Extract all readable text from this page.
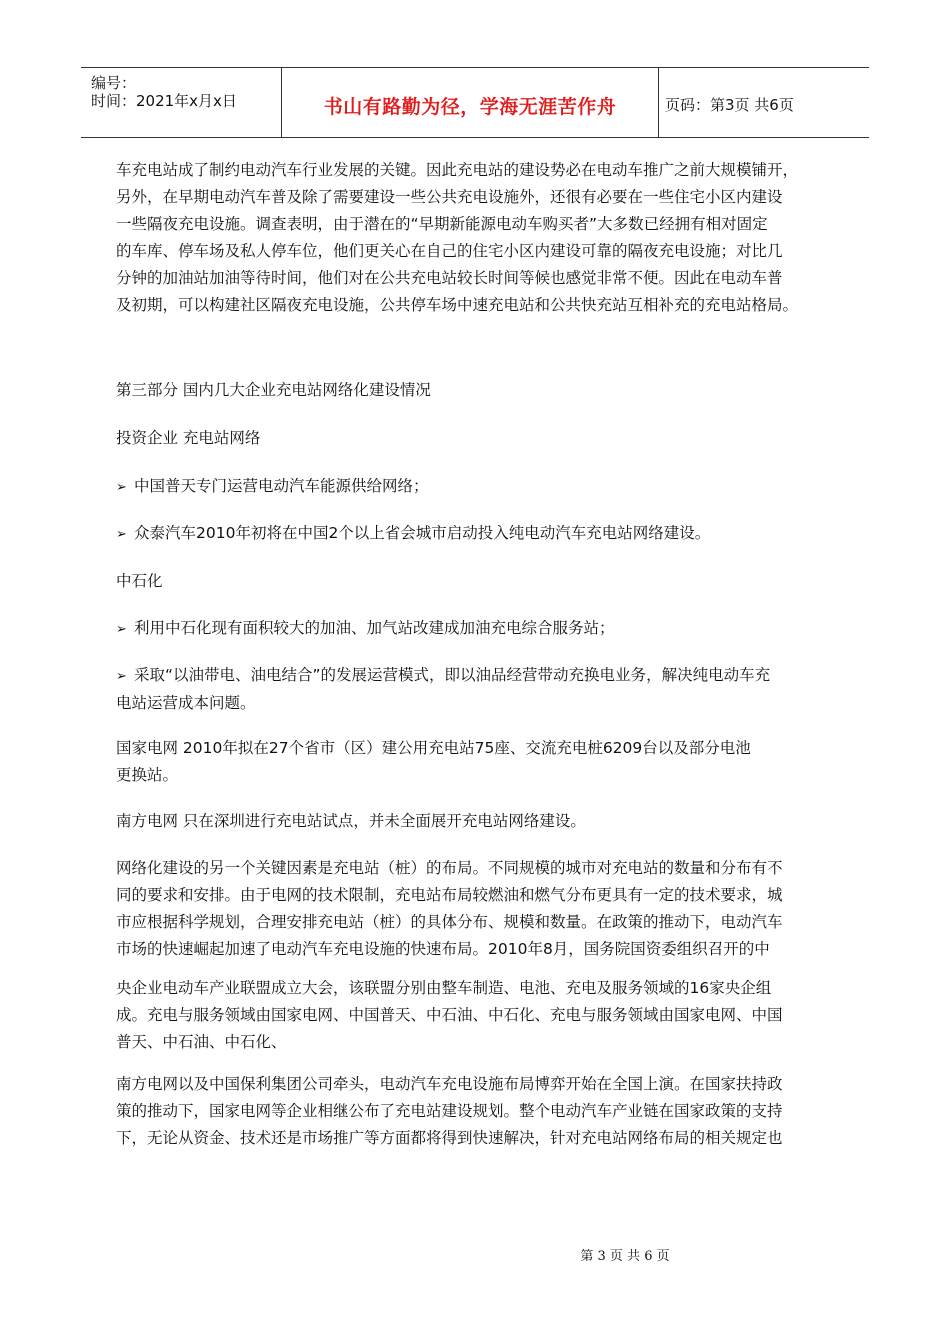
编号：
时间：2021年x月x日	书山有路勤为径，学海无涯苦作舟	页码：第3页 共6页

车充电站成了制约电动汽车行业发展的关键。因此充电站的建设势必在电动车推广之前大规模铺开，

另外，在早期电动汽车普及除了需要建设一些公共充电设施外，还很有必要在一些住宅小区内建设

一些隔夜充电设施。调查表明，由于潜在的“早期新能源电动车购买者”大多数已经拥有相对固定

的车库、停车场及私人停车位，他们更关心在自己的住宅小区内建设可靠的隔夜充电设施；对比几

分钟的加油站加油等待时间，他们对在公共充电站较长时间等候也感觉非常不便。因此在电动车普

及初期，可以构建社区隔夜充电设施，公共停车场中速充电站和公共快充站互相补充的充电站格局。

第三部分 国内几大企业充电站网络化建设情况

投资企业 充电站网络

➢ 中国普天专门运营电动汽车能源供给网络；

➢ 众泰汽车2010年初将在中国2个以上省会城市启动投入纯电动汽车充电站网络建设。

中石化

➢ 利用中石化现有面积较大的加油、加气站改建成加油充电综合服务站；

➢ 采取“以油带电、油电结合”的发展运营模式，即以油品经营带动充换电业务，解决纯电动车充

电站运营成本问题。

国家电网 2010年拟在27个省市（区）建公用充电站75座、交流充电桩6209台以及部分电池

更换站。

南方电网 只在深圳进行充电站试点，并未全面展开充电站网络建设。

网络化建设的另一个关键因素是充电站（桩）的布局。不同规模的城市对充电站的数量和分布有不

同的要求和安排。由于电网的技术限制，充电站布局较燃油和燃气分布更具有一定的技术要求，城

市应根据科学规划，合理安排充电站（桩）的具体分布、规模和数量。在政策的推动下，电动汽车

市场的快速崛起加速了电动汽车充电设施的快速布局。2010年8月，国务院国资委组织召开的中

央企业电动车产业联盟成立大会，该联盟分别由整车制造、电池、充电及服务领域的16家央企组

成。充电与服务领域由国家电网、中国普天、中石油、中石化、充电与服务领域由国家电网、中国

普天、中石油、中石化、

南方电网以及中国保利集团公司牵头，电动汽车充电设施布局博弈开始在全国上演。在国家扶持政

策的推动下，国家电网等企业相继公布了充电站建设规划。整个电动汽车产业链在国家政策的支持

下，无论从资金、技术还是市场推广等方面都将得到快速解决，针对充电站网络布局的相关规定也

第 3 页 共 6 页
